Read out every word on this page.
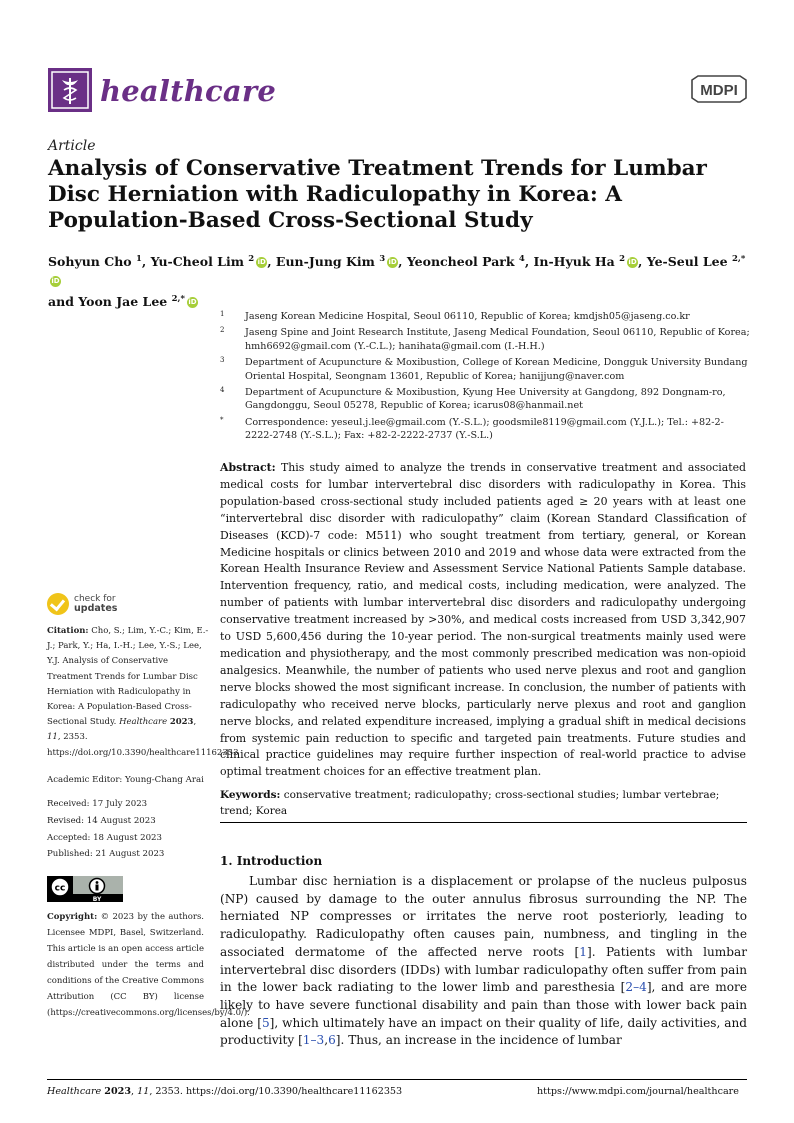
healthcare	MDPI
Article
Analysis of Conservative Treatment Trends for Lumbar Disc Herniation with Radiculopathy in Korea: A Population-Based Cross-Sectional Study
Sohyun Cho $^1$, Yu-Cheol Lim $^2$ iD, Eun-Jung Kim $^3$ iD, Yeoncheol Park $^4$, In-Hyuk Ha $^2$ iD, Ye-Seul Lee $^{2,*}$iD
and Yoon Jae Lee $^{2,*}$ iD
1	Jaseng Korean Medicine Hospital, Seoul 06110, Republic of Korea; kmdjsh05@jaseng.co.kr
2	Jaseng Spine and Joint Research Institute, Jaseng Medical Foundation, Seoul 06110, Republic of Korea; hmh6692@gmail.com (Y.-C.L.); hanihata@gmail.com (I.-H.H.)
3	Department of Acupuncture & Moxibustion, College of Korean Medicine, Dongguk University Bundang Oriental Hospital, Seongnam 13601, Republic of Korea; hanijjung@naver.com
4	Department of Acupuncture & Moxibustion, Kyung Hee University at Gangdong, 892 Dongnam-ro, Gangdonggu, Seoul 05278, Republic of Korea; icarus08@hanmail.net
*	Correspondence: yeseul.j.lee@gmail.com (Y.-S.L.); goodsmile8119@gmail.com (Y.J.L.); Tel.: +82-2-2222-2748 (Y.-S.L.); Fax: +82-2-2222-2737 (Y.-S.L.)
Abstract: This study aimed to analyze the trends in conservative treatment and associated medical costs for lumbar intervertebral disc disorders with radiculopathy in Korea. This population-based cross-sectional study included patients aged ≥ 20 years with at least one “intervertebral disc disorder with radiculopathy” claim (Korean Standard Classification of Diseases (KCD)-7 code: M511) who sought treatment from tertiary, general, or Korean Medicine hospitals or clinics between 2010 and 2019 and whose data were extracted from the Korean Health Insurance Review and Assessment Service National Patients Sample database. Intervention frequency, ratio, and medical costs, including medication, were analyzed. The number of patients with lumbar intervertebral disc disorders and radiculopathy undergoing conservative treatment increased by >30%, and medical costs increased from USD 3,342,907 to USD 5,600,456 during the 10-year period. The non-surgical treatments mainly used were medication and physiotherapy, and the most commonly prescribed medication was non-opioid analgesics. Meanwhile, the number of patients who used nerve plexus and root and ganglion nerve blocks showed the most significant increase. In conclusion, the number of patients with radiculopathy who received nerve blocks, particularly nerve plexus and root and ganglion nerve blocks, and related expenditure increased, implying a gradual shift in medical decisions from systemic pain reduction to specific and targeted pain treatments. Future studies and clinical practice guidelines may require further inspection of real-world practice to advise optimal treatment choices for an effective treatment plan.
Keywords: conservative treatment; radiculopathy; cross-sectional studies; lumbar vertebrae; trend; Korea
1. Introduction
Lumbar disc herniation is a displacement or prolapse of the nucleus pulposus (NP) caused by damage to the outer annulus fibrosus surrounding the NP. The herniated NP compresses or irritates the nerve root posteriorly, leading to radiculopathy. Radiculopathy often causes pain, numbness, and tingling in the associated dermatome of the affected nerve roots [1]. Patients with lumbar intervertebral disc disorders (IDDs) with lumbar radiculopathy often suffer from pain in the lower back radiating to the lower limb and paresthesia [2–4], and are more likely to have severe functional disability and pain than those with lower back pain alone [5], which ultimately have an impact on their quality of life, daily activities, and productivity [1–3,6]. Thus, an increase in the incidence of lumbar
check for
updates
Citation: Cho, S.; Lim, Y.-C.; Kim, E.-J.; Park, Y.; Ha, I.-H.; Lee, Y.-S.; Lee, Y.J. Analysis of Conservative Treatment Trends for Lumbar Disc Herniation with Radiculopathy in Korea: A Population-Based Cross-Sectional Study. Healthcare 2023, 11, 2353. https://doi.org/10.3390/healthcare11162353
Academic Editor: Young-Chang Arai
Received: 17 July 2023
Revised: 14 August 2023
Accepted: 18 August 2023
Published: 21 August 2023
cc
BY
Copyright: © 2023 by the authors. Licensee MDPI, Basel, Switzerland. This article is an open access article distributed under the terms and conditions of the Creative Commons Attribution (CC BY) license (https://creativecommons.org/licenses/by/4.0/).
Healthcare 2023, 11, 2353. https://doi.org/10.3390/healthcare11162353	https://www.mdpi.com/journal/healthcare
